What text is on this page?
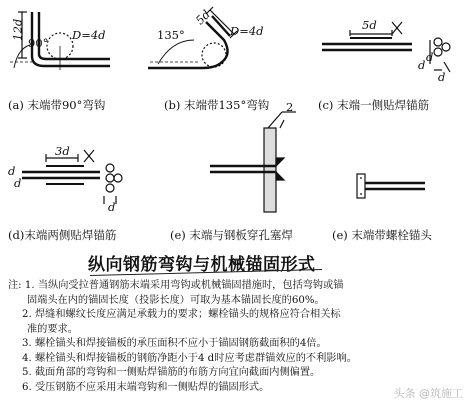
12d
90°
D=4d
5d
135°	D=4d	5d
d
d
d
3d
d
d
d
2
(a) 末端带90°弯钩	(b) 末端带135°弯钩	(c) 末端一侧贴焊锚筋
(d)末端两侧贴焊锚筋	(e) 末端与钢板穿孔塞焊	(e) 末端带螺栓锚头
纵向钢筋弯钩与机械锚固形式
注: 1. 当纵向受拉普通钢筋末端采用弯钩或机械锚固措施时，包括弯钩或锚
固端头在内的锚固长度（投影长度）可取为基本锚固长度的60%。
2. 焊缝和螺纹长度应满足承载力的要求；螺栓锚头的规格应符合相关标
准的要求。
3. 螺栓锚头和焊接锚板的承压面积不应小于锚固钢筋截面积的4倍。
4. 螺栓锚头和焊接锚板的钢筋净距小于4 d时应考虑群锚效应的不利影响。
5. 截面角部的弯钩和一侧贴焊锚筋的布筋方向宜向截面内侧偏置。
6. 受压钢筋不应采用末端弯钩和一侧贴焊的锚固形式。	头条 @筑施工
